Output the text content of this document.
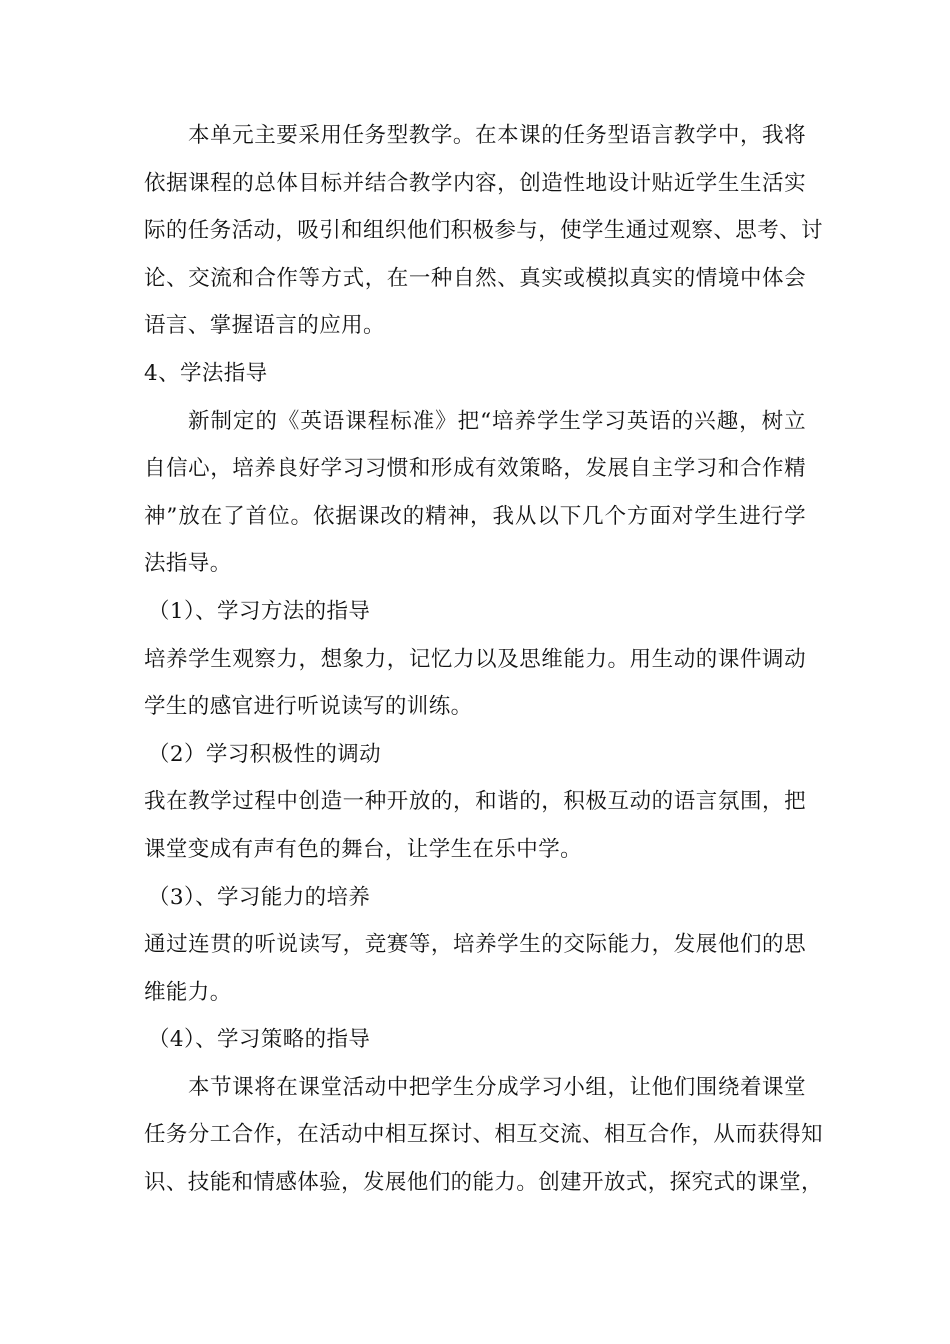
本单元主要采用任务型教学。在本课的任务型语言教学中，我将
依据课程的总体目标并结合教学内容，创造性地设计贴近学生生活实
际的任务活动，吸引和组织他们积极参与，使学生通过观察、思考、讨
论、交流和合作等方式，在一种自然、真实或模拟真实的情境中体会
语言、掌握语言的应用。
4、学法指导
新制定的《英语课程标准》把“培养学生学习英语的兴趣，树立
自信心，培养良好学习习惯和形成有效策略，发展自主学习和合作精
神”放在了首位。依据课改的精神，我从以下几个方面对学生进行学
法指导。
（1）、学习方法的指导
培养学生观察力，想象力，记忆力以及思维能力。用生动的课件调动
学生的感官进行听说读写的训练。
（2）学习积极性的调动
我在教学过程中创造一种开放的，和谐的，积极互动的语言氛围，把
课堂变成有声有色的舞台，让学生在乐中学。
（3）、学习能力的培养
通过连贯的听说读写，竞赛等，培养学生的交际能力，发展他们的思
维能力。
（4）、学习策略的指导
本节课将在课堂活动中把学生分成学习小组，让他们围绕着课堂
任务分工合作，在活动中相互探讨、相互交流、相互合作，从而获得知
识、技能和情感体验，发展他们的能力。创建开放式，探究式的课堂，
